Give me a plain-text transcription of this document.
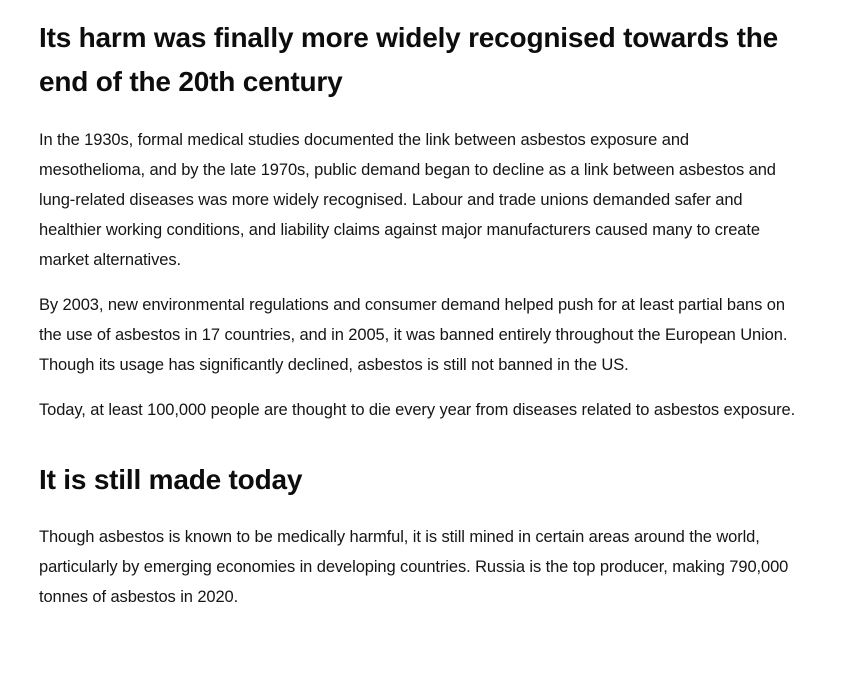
Its harm was finally more widely recognised towards the end of the 20th century

In the 1930s, formal medical studies documented the link between asbestos exposure and mesothelioma, and by the late 1970s, public demand began to decline as a link between asbestos and lung-related diseases was more widely recognised. Labour and trade unions demanded safer and healthier working conditions, and liability claims against major manufacturers caused many to create market alternatives.

By 2003, new environmental regulations and consumer demand helped push for at least partial bans on the use of asbestos in 17 countries, and in 2005, it was banned entirely throughout the European Union. Though its usage has significantly declined, asbestos is still not banned in the US.

Today, at least 100,000 people are thought to die every year from diseases related to asbestos exposure.

It is still made today

Though asbestos is known to be medically harmful, it is still mined in certain areas around the world, particularly by emerging economies in developing countries. Russia is the top producer, making 790,000 tonnes of asbestos in 2020.
